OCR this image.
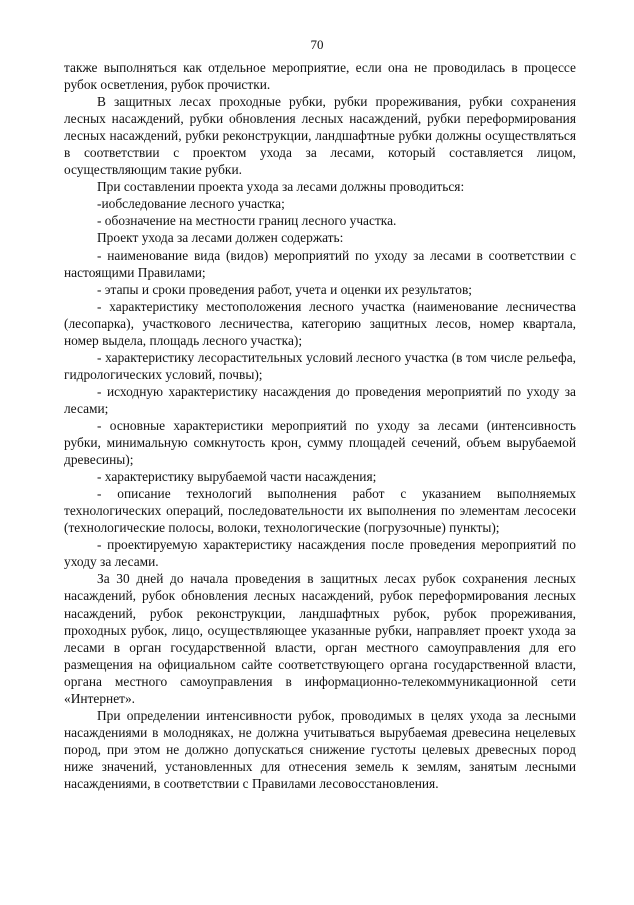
70

также выполняться как отдельное мероприятие, если она не проводилась в процессе рубок осветления, рубок прочистки.

В защитных лесах проходные рубки, рубки прореживания, рубки сохранения лесных насаждений, рубки обновления лесных насаждений, рубки переформирования лесных насаждений, рубки реконструкции, ландшафтные рубки должны осуществляться в соответствии с проектом ухода за лесами, который составляется лицом, осуществляющим такие рубки.

При составлении проекта ухода за лесами должны проводиться:

-иобследование лесного участка;

- обозначение на местности границ лесного участка.

Проект ухода за лесами должен содержать:

- наименование вида (видов) мероприятий по уходу за лесами в соответствии с настоящими Правилами;

- этапы и сроки проведения работ, учета и оценки их результатов;

- характеристику местоположения лесного участка (наименование лесничества (лесопарка), участкового лесничества, категорию защитных лесов, номер квартала, номер выдела, площадь лесного участка);

- характеристику лесорастительных условий лесного участка (в том числе рельефа, гидрологических условий, почвы);

- исходную характеристику насаждения до проведения мероприятий по уходу за лесами;

- основные характеристики мероприятий по уходу за лесами (интенсивность рубки, минимальную сомкнутость крон, сумму площадей сечений, объем вырубаемой древесины);

- характеристику вырубаемой части насаждения;

- описание технологий выполнения работ с указанием выполняемых технологических операций, последовательности их выполнения по элементам лесосеки (технологические полосы, волоки, технологические (погрузочные) пункты);

- проектируемую характеристику насаждения после проведения мероприятий по уходу за лесами.

За 30 дней до начала проведения в защитных лесах рубок сохранения лесных насаждений, рубок обновления лесных насаждений, рубок переформирования лесных насаждений, рубок реконструкции, ландшафтных рубок, рубок прореживания, проходных рубок, лицо, осуществляющее указанные рубки, направляет проект ухода за лесами в орган государственной власти, орган местного самоуправления для его размещения на официальном сайте соответствующего органа государственной власти, органа местного самоуправления в информационно-телекоммуникационной сети «Интернет».

При определении интенсивности рубок, проводимых в целях ухода за лесными насаждениями в молодняках, не должна учитываться вырубаемая древесина нецелевых пород, при этом не должно допускаться снижение густоты целевых древесных пород ниже значений, установленных для отнесения земель к землям, занятым лесными насаждениями, в соответствии с Правилами лесовосстановления.
